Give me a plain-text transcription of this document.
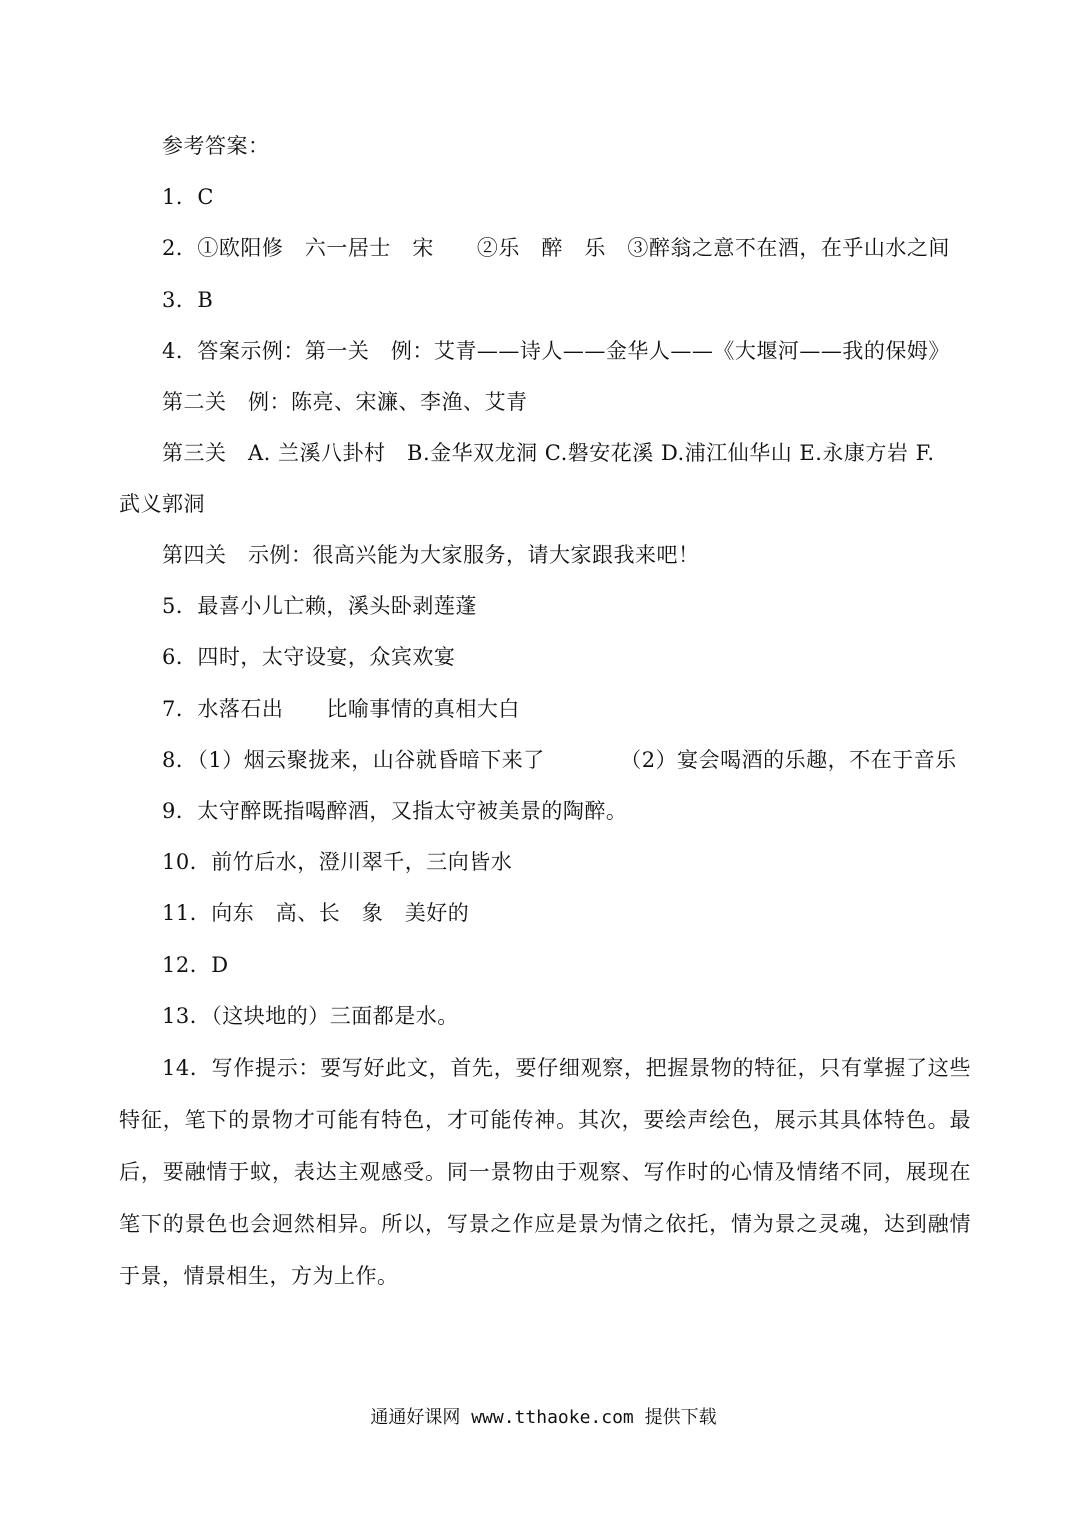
参考答案：
1．C
2．①欧阳修　六一居士　宋　　②乐　醉　乐　③醉翁之意不在酒，在乎山水之间
3．B
4．答案示例：第一关　例：艾青——诗人——金华人——《大堰河——我的保姆》
第二关　例：陈亮、宋濂、李渔、艾青
第三关　A. 兰溪八卦村　B.金华双龙洞 C.磐安花溪 D.浦江仙华山 E.永康方岩 F.
武义郭洞
第四关　示例：很高兴能为大家服务，请大家跟我来吧！
5．最喜小儿亡赖，溪头卧剥莲蓬
6．四时，太守设宴，众宾欢宴
7．水落石出　　比喻事情的真相大白
8．（1）烟云聚拢来，山谷就昏暗下来了　　　　（2）宴会喝酒的乐趣，不在于音乐
9．太守醉既指喝醉酒，又指太守被美景的陶醉。
10．前竹后水，澄川翠千，三向皆水
11．向东　高、长　象　美好的
12．D
13．（这块地的）三面都是水。
14．写作提示：要写好此文，首先，要仔细观察，把握景物的特征，只有掌握了这些特征，笔下的景物才可能有特色，才可能传神。其次，要绘声绘色，展示其具体特色。最后，要融情于蚊，表达主观感受。同一景物由于观察、写作时的心情及情绪不同，展现在笔下的景色也会迥然相异。所以，写景之作应是景为情之依托，情为景之灵魂，达到融情于景，情景相生，方为上作。
通通好课网 www.tthaoke.com 提供下载
